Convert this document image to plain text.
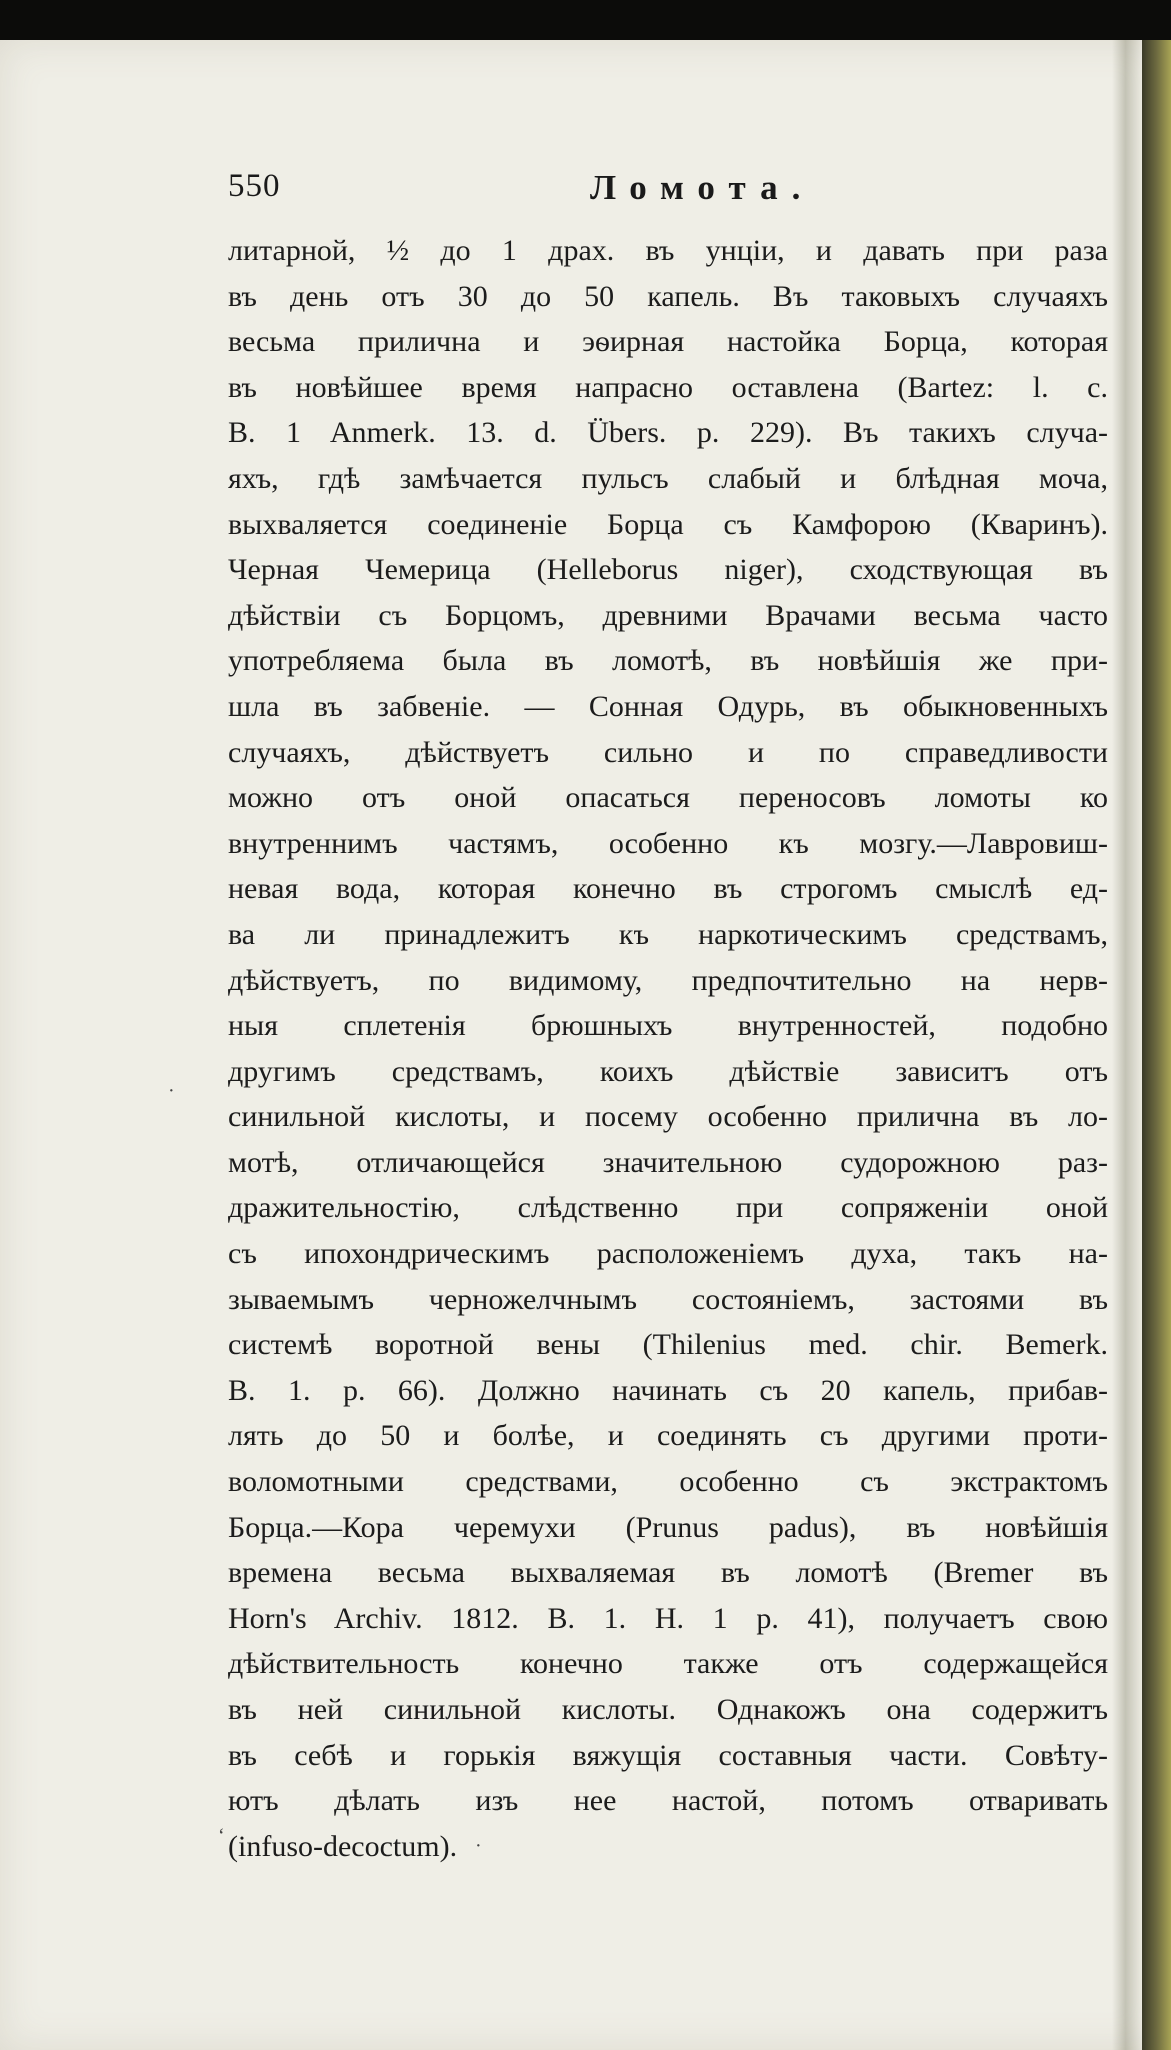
550	Ломота.
литарной, ½ до 1 драх. въ унціи, и давать при раза
въ день отъ 30 до 50 капель. Въ таковыхъ случаяхъ
весьма прилична и эѳирная настойка Борца, которая
въ новѣйшее время напрасно оставлена (Bartez: l. c.
B. 1 Anmerk. 13. d. Übers. p. 229). Въ такихъ случа-
яхъ, гдѣ замѣчается пульсъ слабый и блѣдная моча,
выхваляется соединеніе Борца съ Камфорою (Кваринъ).
Черная Чемерица (Helleborus niger), сходствующая въ
дѣйствіи съ Борцомъ, древними Врачами весьма часто
употребляема была въ ломотѣ, въ новѣйшія же при-
шла въ забвеніе. — Сонная Одурь, въ обыкновенныхъ
случаяхъ, дѣйствуетъ сильно и по справедливости
можно отъ оной опасаться переносовъ ломоты ко
внутреннимъ частямъ, особенно къ мозгу.—Лавровиш-
невая вода, которая конечно въ строгомъ смыслѣ ед-
ва ли принадлежитъ къ наркотическимъ средствамъ,
дѣйствуетъ, по видимому, предпочтительно на нерв-
ныя сплетенія брюшныхъ внутренностей, подобно
другимъ средствамъ, коихъ дѣйствіе зависитъ отъ
синильной кислоты, и посему особенно прилична въ ло-
мотѣ, отличающейся значительною судорожною раз-
дражительностію, слѣдственно при сопряженіи оной
съ ипохондрическимъ расположеніемъ духа, такъ на-
зываемымъ черножелчнымъ состояніемъ, застоями въ
системѣ воротной вены (Thilenius med. chir. Bemerk.
B. 1. p. 66). Должно начинать съ 20 капель, прибав-
лять до 50 и болѣе, и соединять съ другими проти-
воломотными средствами, особенно съ экстрактомъ
Борца.—Кора черемухи (Prunus padus), въ новѣйшія
времена весьма выхваляемая въ ломотѣ (Bremer въ
Horn's Archiv. 1812. B. 1. H. 1 p. 41), получаетъ свою
дѣйствительность конечно также отъ содержащейся
въ ней синильной кислоты. Однакожъ она содержитъ
въ себѣ и горькія вяжущія составныя части. Совѣту-
ютъ дѣлать изъ нее настой, потомъ отваривать
(infuso-decoctum).
·
ʻ	·
